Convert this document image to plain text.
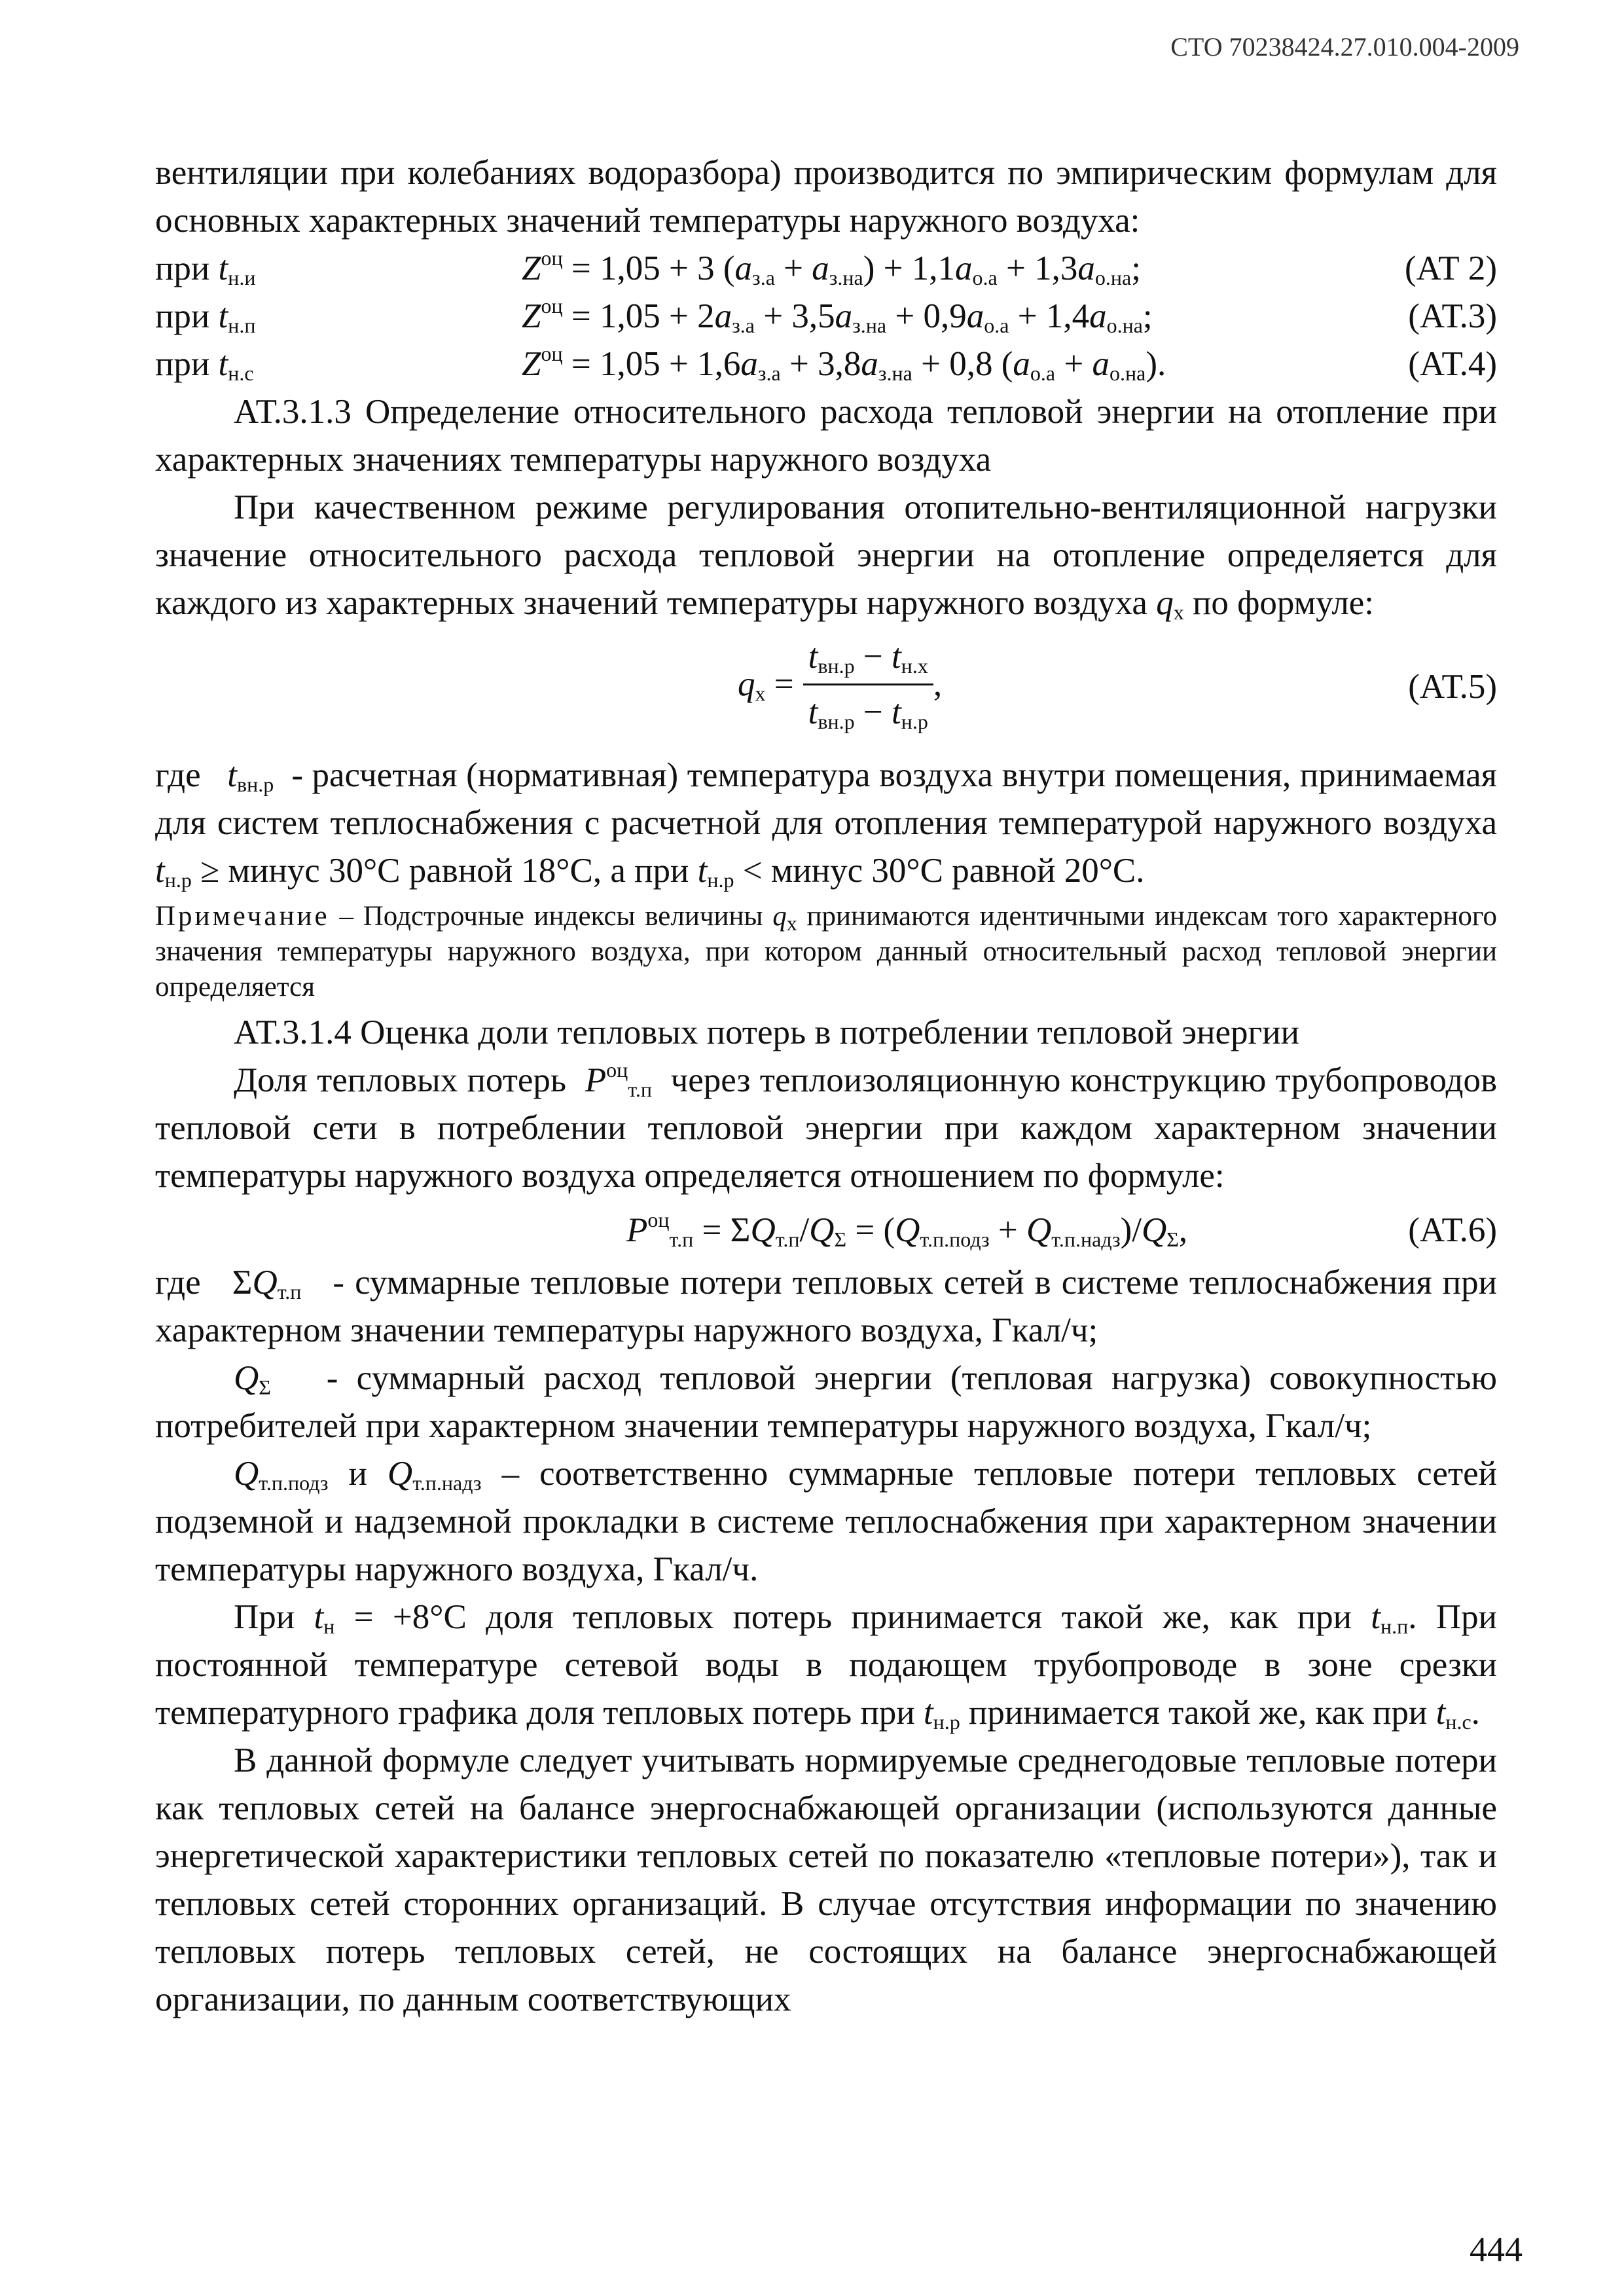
СТО 70238424.27.010.004-2009

вентиляции при колебаниях водоразбора) производится по эмпирическим формулам для основных характерных значений температуры наружного воздуха:

при $t_{н.и}$	$Z^{оц} = 1,05 + 3$ $(a_{з.а} + a_{з.на}) + 1,1a_{о.а} + 1,3a_{о.на}$;	(АТ 2)
при $t_{н.п}$	$Z^{оц} = 1,05 + 2a_{з.а} + 3,5a_{з.на} + 0,9a_{о.а} + 1,4a_{о.на}$;	(АТ.3)
при $t_{н.с}$	$Z^{оц} = 1,05 + 1,6a_{з.а} + 3,8a_{з.на} + 0,8$ $(a_{о.а} + a_{о.на})$.	(АТ.4)

АТ.3.1.3 Определение относительного расхода тепловой энергии на отопление при характерных значениях температуры наружного воздуха

При качественном режиме регулирования отопительно-вентиляционной нагрузки значение относительного расхода тепловой энергии на отопление определяется для каждого из характерных значений температуры наружного воздуха $q_х$ по формуле:

$q_х = \frac{t_{вн.р} - t_{н.х}}{t_{вн.р} - t_{н.р}}$ ,	(АТ.5)

где $t_{вн.р}$ - расчетная (нормативная) температура воздуха внутри помещения, принимаемая для систем теплоснабжения с расчетной для отопления температурой наружного воздуха $t_{н.р}$ ≥ минус 30°С равной 18°С, а при $t_{н.р}$ < минус 30°С равной 20°С.

Примечание – Подстрочные индексы величины $q_х$ принимаются идентичными индексам того характерного значения температуры наружного воздуха, при котором данный относительный расход тепловой энергии определяется

АТ.3.1.4 Оценка доли тепловых потерь в потреблении тепловой энергии

Доля тепловых потерь $P^{оц}_{т.п}$ через теплоизоляционную конструкцию трубопроводов тепловой сети в потреблении тепловой энергии при каждом характерном значении температуры наружного воздуха определяется отношением по формуле:

$P^{оц}_{т.п} = \Sigma Q_{т.п}/Q_\Sigma = (Q_{т.п.подз} + Q_{т.п.надз})/Q_\Sigma$,	(АТ.6)

где   $\Sigma Q_{т.п}$ - суммарные тепловые потери тепловых сетей в системе теплоснабжения при характерном значении температуры наружного воздуха, Гкал/ч;

$Q_\Sigma$ - суммарный расход тепловой энергии (тепловая нагрузка) совокупностью потребителей при характерном значении температуры наружного воздуха, Гкал/ч;

$Q_{т.п.подз}$ и $Q_{т.п.надз}$ – соответственно суммарные тепловые потери тепловых сетей подземной и надземной прокладки в системе теплоснабжения при характерном значении температуры наружного воздуха, Гкал/ч.

При $t_н = +8^\circ С$ доля тепловых потерь принимается такой же, как при $t_{н.п}$. При постоянной температуре сетевой воды в подающем трубопроводе в зоне срезки температурного графика доля тепловых потерь при $t_{н.р}$ принимается такой же, как при $t_{н.с}$.

В данной формуле следует учитывать нормируемые среднегодовые тепловые потери как тепловых сетей на балансе энергоснабжающей организации (используются данные энергетической характеристики тепловых сетей по показателю «тепловые потери»), так и тепловых сетей сторонних организаций. В случае отсутствия информации по значению тепловых потерь тепловых сетей, не состоящих на балансе энергоснабжающей организации, по данным соответствующих

444
